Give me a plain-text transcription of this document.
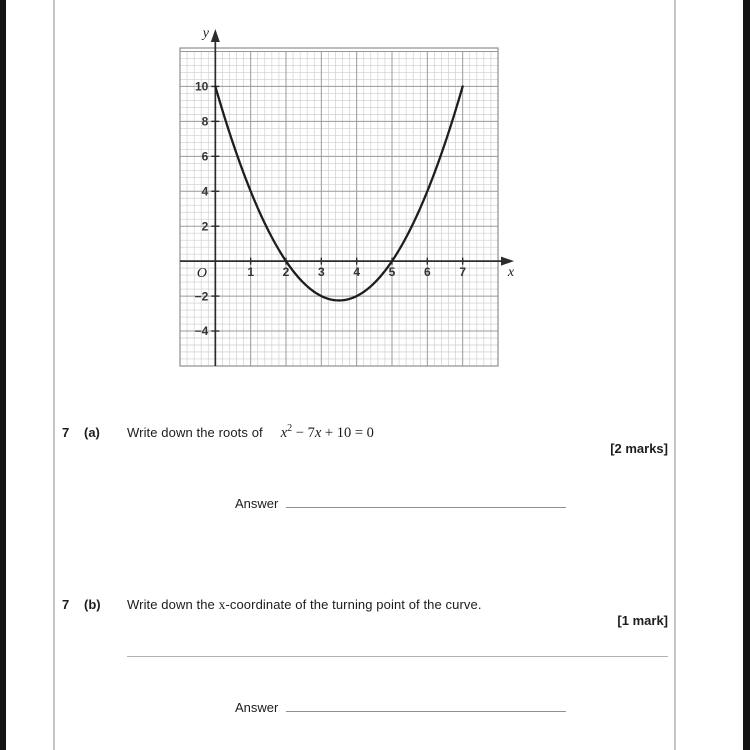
1 2 3 4 5 6 7
10
8
6
4
2
−2
−4
y
x
O
7	(a)	Write down the roots of $x^2 - 7x + 10 = 0$
[2 marks]
Answer
7	(b)	Write down the x-coordinate of the turning point of the curve.
[1 mark]
Answer
